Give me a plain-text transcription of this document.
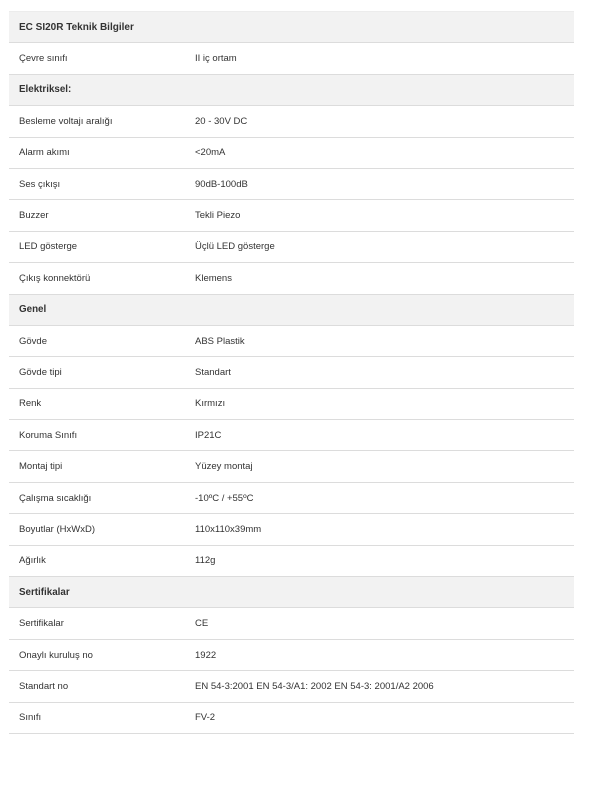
EC SI20R Teknik Bilgiler	
Çevre sınıfı	II iç ortam
Elektriksel:	
Besleme voltajı aralığı	20 - 30V DC
Alarm akımı	<20mA
Ses çıkışı	90dB-100dB
Buzzer	Tekli Piezo
LED gösterge	Üçlü LED gösterge
Çıkış konnektörü	Klemens
Genel	
Gövde	ABS Plastik
Gövde tipi	Standart
Renk	Kırmızı
Koruma Sınıfı	IP21C
Montaj tipi	Yüzey montaj
Çalışma sıcaklığı	-10ºC / +55ºC
Boyutlar (HxWxD)	110x110x39mm
Ağırlık	112g
Sertifikalar	
Sertifikalar	CE
Onaylı kuruluş no	1922
Standart no	EN 54-3:2001 EN 54-3/A1: 2002 EN 54-3: 2001/A2 2006
Sınıfı	FV-2
